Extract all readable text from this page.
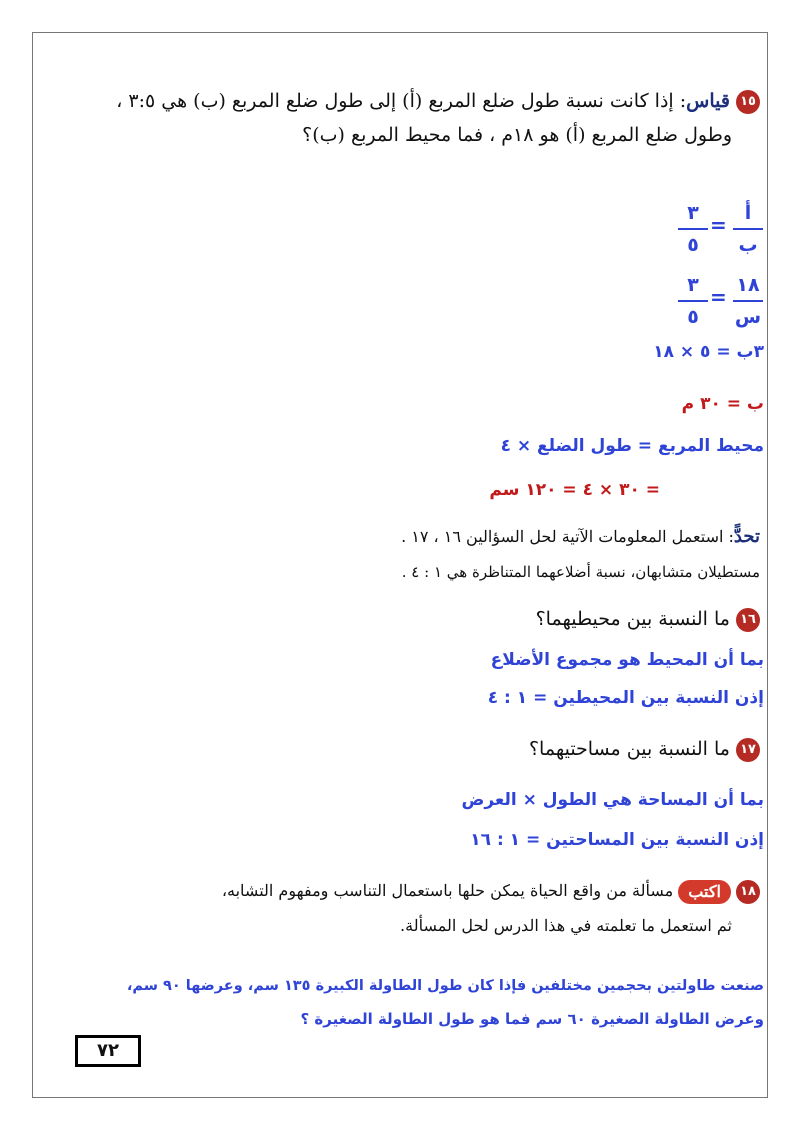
١٥ قياس: إذا كانت نسبة طول ضلع المربع (أ) إلى طول ضلع المربع (ب) هي ٣:٥ ،
وطول ضلع المربع (أ) هو ١٨م ، فما محيط المربع (ب)؟
أ
ب
=
٣
٥
١٨
س
=
٣
٥
٣ب = ٥ × ١٨
ب = ٣٠ م
محيط المربع = طول الضلع × ٤
= ٣٠ × ٤ = ١٢٠ سم
تحدًّ: استعمل المعلومات الآتية لحل السؤالين ١٦ ، ١٧ .
مستطيلان متشابهان، نسبة أضلاعهما المتناظرة هي ١ : ٤ .
١٦ ما النسبة بين محيطيهما؟
بما أن المحيط هو مجموع الأضلاع
إذن النسبة بين المحيطين = ١ : ٤
١٧ ما النسبة بين مساحتيهما؟
بما أن المساحة هي الطول × العرض
إذن النسبة بين المساحتين = ١ : ١٦
١٨ اكتب مسألة من واقع الحياة يمكن حلها باستعمال التناسب ومفهوم التشابه،
ثم استعمل ما تعلمته في هذا الدرس لحل المسألة.
صنعت طاولتين بحجمين مختلفين فإذا كان طول الطاولة الكبيرة ١٣٥ سم، وعرضها ٩٠ سم،
وعرض الطاولة الصغيرة ٦٠ سم فما هو طول الطاولة الصغيرة ؟
٧٢
